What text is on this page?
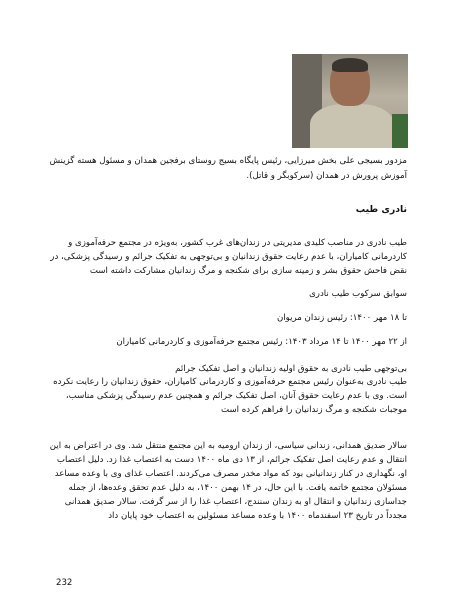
مزدور بسیجی علی بخش میرزایی، رئیس پایگاه بسیج روستای برفجین همدان و مسئول هسته گزینش
آموزش پرورش در همدان (سرکوبگر و قاتل).
نادری طیب
طیب نادری در مناصب کلیدی مدیریتی در زندان‌های غرب کشور، به‌ویژه در مجتمع حرفه‌آموزی و
کاردرمانی کامیاران، با عدم رعایت حقوق زندانیان و بی‌توجهی به تفکیک جرائم و رسیدگی پزشکی، در
نقض فاحش حقوق بشر و زمینه سازی برای شکنجه و مرگ زندانیان مشارکت داشته است
سوابق سرکوب طیب نادری
تا ۱۸ مهر ۱۴۰۰: رئیس زندان مریوان
از ۲۲ مهر ۱۴۰۰ تا ۱۴ مرداد ۱۴۰۳: رئیس مجتمع حرفه‌آموزی و کاردرمانی کامیاران
بی‌توجهی طیب نادری به حقوق اولیه زندانیان و اصل تفکیک جرائم
طیب نادری به‌عنوان رئیس مجتمع حرفه‌آموزی و کاردرمانی کامیاران، حقوق زندانیان را رعایت نکرده
است. وی با عدم رعایت حقوق آنان، اصل تفکیک جرائم و همچنین عدم رسیدگی پزشکی مناسب،
موجبات شکنجه و مرگ زندانیان را فراهم کرده است
سالار صدیق همدانی، زندانی سیاسی، از زندان ارومیه به این مجتمع منتقل شد. وی در اعتراض به این
انتقال و عدم رعایت اصل تفکیک جرائم، از ۱۳ دی ماه ۱۴۰۰ دست به اعتصاب غذا زد. دلیل اعتصاب
او، نگهداری در کنار زندانیانی بود که مواد مخدر مصرف می‌کردند. اعتصاب غذای وی با وعده مساعد
مسئولان مجتمع خاتمه یافت. با این حال، در ۱۴ بهمن ۱۴۰۰، به دلیل عدم تحقق وعده‌ها، از جمله
جداسازی زندانیان و انتقال او به زندان سنندج، اعتصاب غذا را از سر گرفت. سالار صدیق همدانی
مجدداً در تاریخ ۲۳ اسفندماه ۱۴۰۰ با وعده مساعد مسئولین به اعتصاب خود پایان داد
232
